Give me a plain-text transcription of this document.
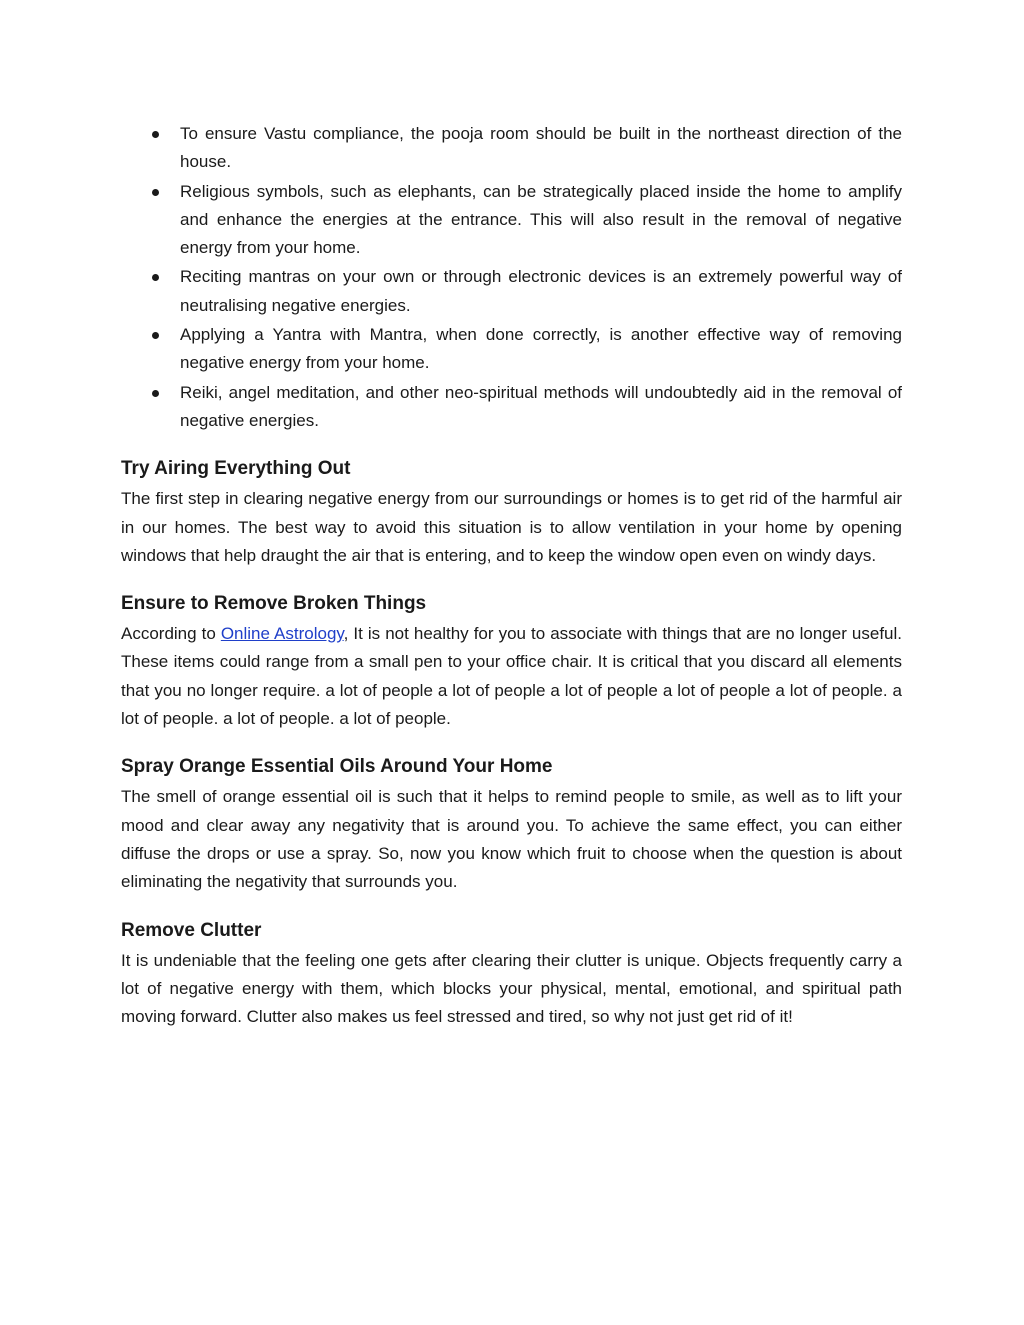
To ensure Vastu compliance, the pooja room should be built in the northeast direction of the house.
Religious symbols, such as elephants, can be strategically placed inside the home to amplify and enhance the energies at the entrance. This will also result in the removal of negative energy from your home.
Reciting mantras on your own or through electronic devices is an extremely powerful way of neutralising negative energies.
Applying a Yantra with Mantra, when done correctly, is another effective way of removing negative energy from your home.
Reiki, angel meditation, and other neo-spiritual methods will undoubtedly aid in the removal of negative energies.
Try Airing Everything Out

The first step in clearing negative energy from our surroundings or homes is to get rid of the harmful air in our homes. The best way to avoid this situation is to allow ventilation in your home by opening windows that help draught the air that is entering, and to keep the window open even on windy days.

Ensure to Remove Broken Things

According to Online Astrology, It is not healthy for you to associate with things that are no longer useful. These items could range from a small pen to your office chair. It is critical that you discard all elements that you no longer require. a lot of people a lot of people a lot of people a lot of people a lot of people. a lot of people. a lot of people. a lot of people.

Spray Orange Essential Oils Around Your Home

The smell of orange essential oil is such that it helps to remind people to smile, as well as to lift your mood and clear away any negativity that is around you. To achieve the same effect, you can either diffuse the drops or use a spray. So, now you know which fruit to choose when the question is about eliminating the negativity that surrounds you.

Remove Clutter

It is undeniable that the feeling one gets after clearing their clutter is unique. Objects frequently carry a lot of negative energy with them, which blocks your physical, mental, emotional, and spiritual path moving forward. Clutter also makes us feel stressed and tired, so why not just get rid of it!
